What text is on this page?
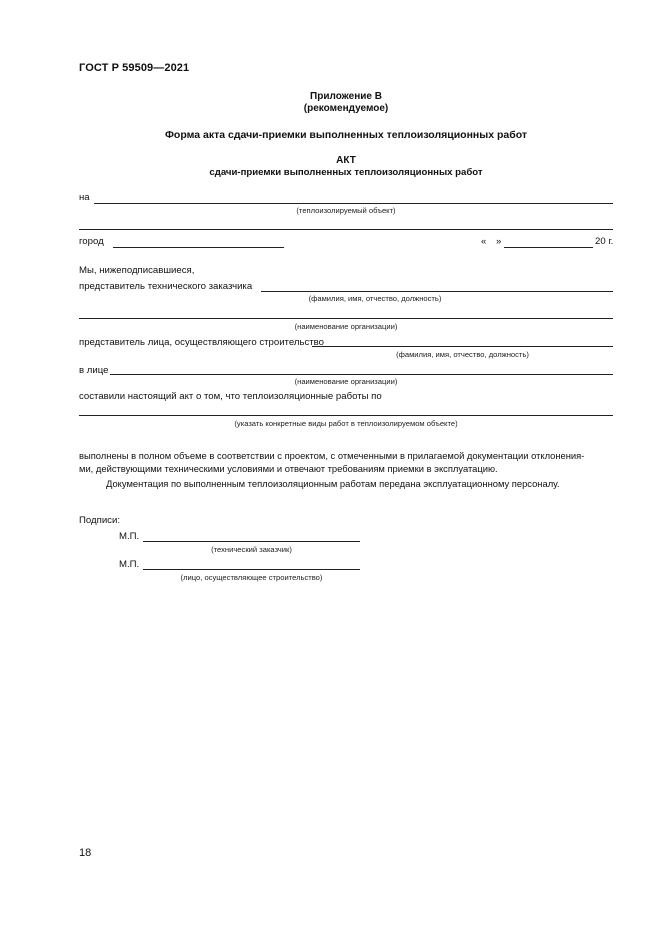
ГОСТ Р 59509—2021
Приложение В
(рекомендуемое)
Форма акта сдачи-приемки выполненных теплоизоляционных работ
АКТ
сдачи-приемки выполненных теплоизоляционных работ
на
(теплоизолируемый объект)
город	« »	20 г.
Мы, нижеподписавшиеся,
представитель технического заказчика
(фамилия, имя, отчество, должность)
(наименование организации)
представитель лица, осуществляющего строительство
(фамилия, имя, отчество, должность)
в лице
(наименование организации)
составили настоящий акт о том, что теплоизоляционные работы по
(указать конкретные виды работ в теплоизолируемом объекте)
выполнены в полном объеме в соответствии с проектом, с отмеченными в прилагаемой документации отклонения-
ми, действующими техническими условиями и отвечают требованиям приемки в эксплуатацию.
Документация по выполненным теплоизоляционным работам передана эксплуатационному персоналу.
Подписи:
М.П.
(технический заказчик)
М.П.
(лицо, осуществляющее строительство)
18
